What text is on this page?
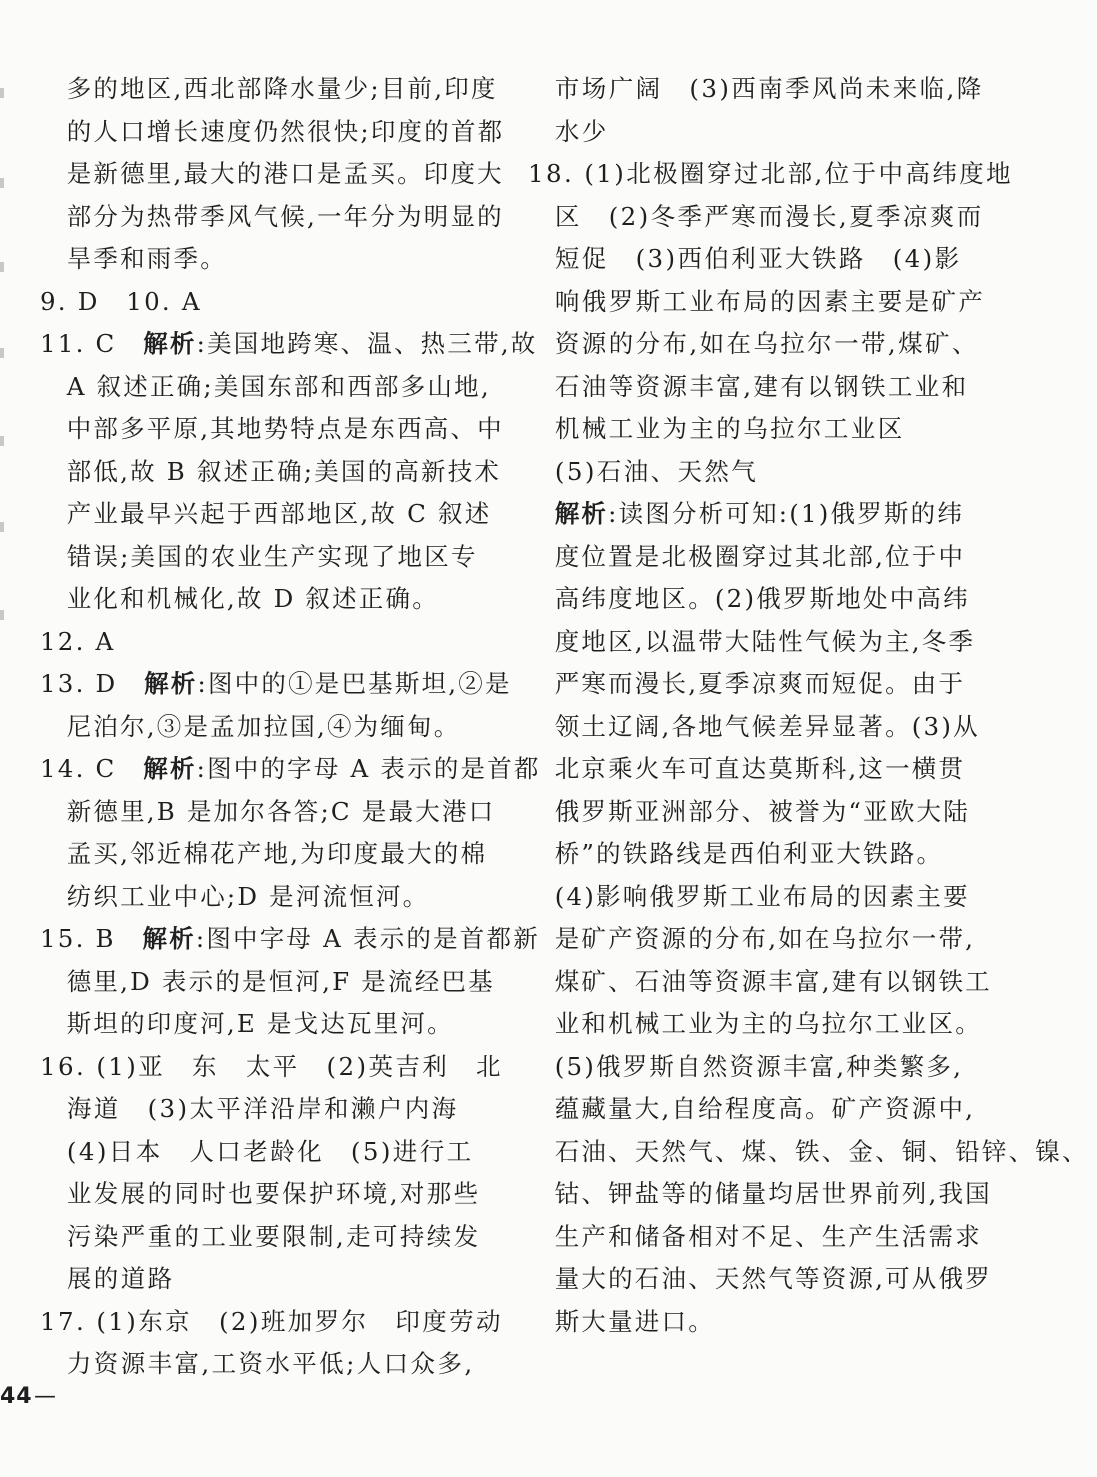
　多的地区,西北部降水量少;目前,印度
　的人口增长速度仍然很快;印度的首都
　是新德里,最大的港口是孟买。印度大
　部分为热带季风气候,一年分为明显的
　旱季和雨季。
9. D　10. A
11. C　解析:美国地跨寒、温、热三带,故
　A 叙述正确;美国东部和西部多山地,
　中部多平原,其地势特点是东西高、中
　部低,故 B 叙述正确;美国的高新技术
　产业最早兴起于西部地区,故 C 叙述
　错误;美国的农业生产实现了地区专
　业化和机械化,故 D 叙述正确。
12. A
13. D　解析:图中的①是巴基斯坦,②是
　尼泊尔,③是孟加拉国,④为缅甸。
14. C　解析:图中的字母 A 表示的是首都
　新德里,B 是加尔各答;C 是最大港口
　孟买,邻近棉花产地,为印度最大的棉
　纺织工业中心;D 是河流恒河。
15. B　解析:图中字母 A 表示的是首都新
　德里,D 表示的是恒河,F 是流经巴基
　斯坦的印度河,E 是戈达瓦里河。
16. (1)亚　东　太平　(2)英吉利　北
　海道　(3)太平洋沿岸和濑户内海
　(4)日本　人口老龄化　(5)进行工
　业发展的同时也要保护环境,对那些
　污染严重的工业要限制,走可持续发
　展的道路
17. (1)东京　(2)班加罗尔　印度劳动
　力资源丰富,工资水平低;人口众多,
　市场广阔　(3)西南季风尚未来临,降
　水少
18. (1)北极圈穿过北部,位于中高纬度地
　区　(2)冬季严寒而漫长,夏季凉爽而
　短促　(3)西伯利亚大铁路　(4)影
　响俄罗斯工业布局的因素主要是矿产
　资源的分布,如在乌拉尔一带,煤矿、
　石油等资源丰富,建有以钢铁工业和
　机械工业为主的乌拉尔工业区
　(5)石油、天然气
　解析:读图分析可知:(1)俄罗斯的纬
　度位置是北极圈穿过其北部,位于中
　高纬度地区。(2)俄罗斯地处中高纬
　度地区,以温带大陆性气候为主,冬季
　严寒而漫长,夏季凉爽而短促。由于
　领土辽阔,各地气候差异显著。(3)从
　北京乘火车可直达莫斯科,这一横贯
　俄罗斯亚洲部分、被誉为“亚欧大陆
　桥”的铁路线是西伯利亚大铁路。
　(4)影响俄罗斯工业布局的因素主要
　是矿产资源的分布,如在乌拉尔一带,
　煤矿、石油等资源丰富,建有以钢铁工
　业和机械工业为主的乌拉尔工业区。
　(5)俄罗斯自然资源丰富,种类繁多,
　蕴藏量大,自给程度高。矿产资源中,
　石油、天然气、煤、铁、金、铜、铅锌、镍、
　钴、钾盐等的储量均居世界前列,我国
　生产和储备相对不足、生产生活需求
　量大的石油、天然气等资源,可从俄罗
　斯大量进口。
44 —
